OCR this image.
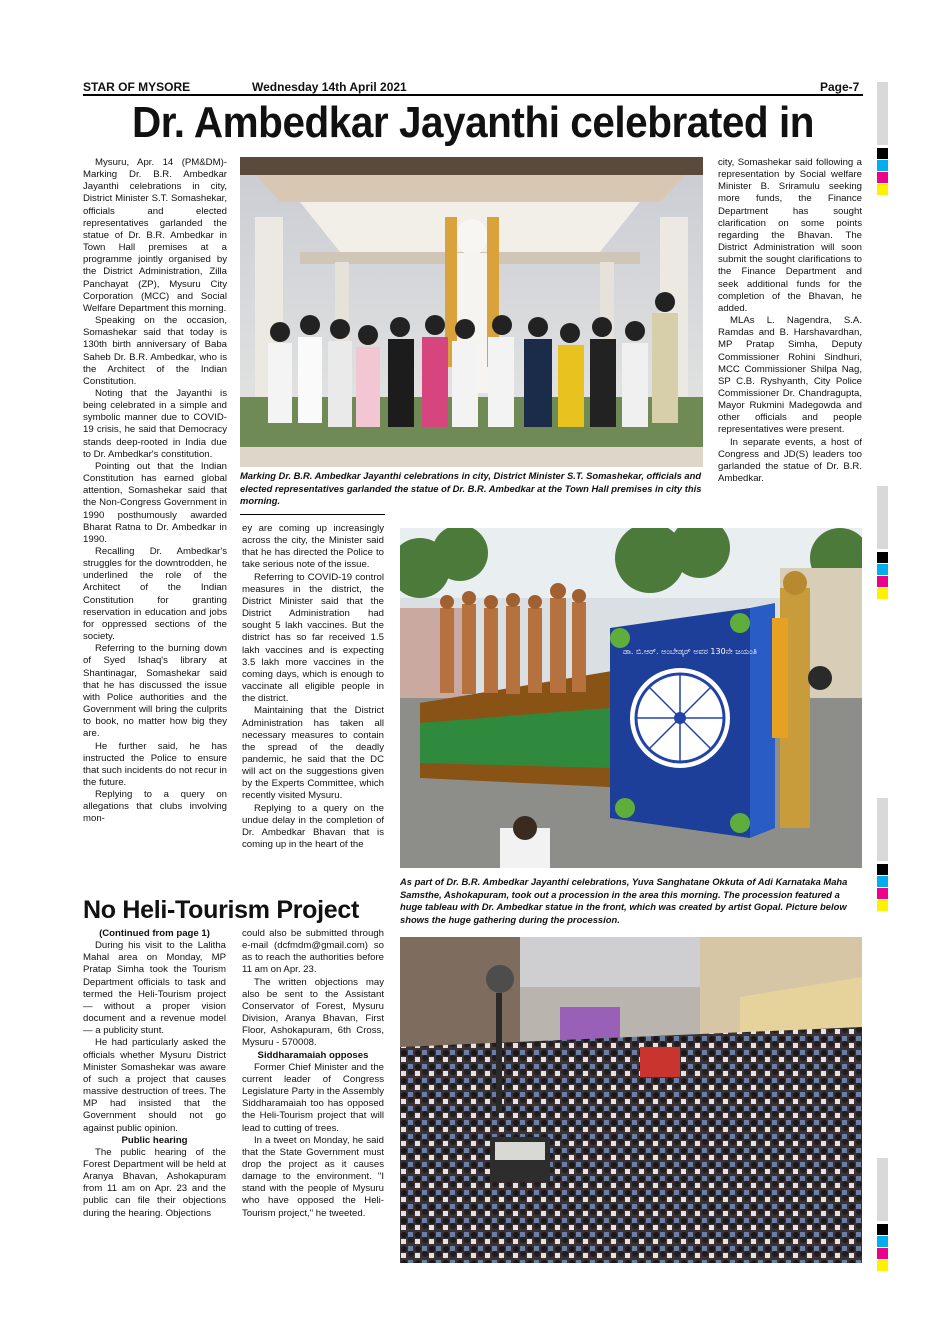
STAR OF MYSORE	Wednesday 14th April 2021	Page-7
Dr. Ambedkar Jayanthi celebrated in

Mysuru, Apr. 14 (PM&DM)- Marking Dr. B.R. Ambedkar Jayanthi celebrations in city, District Minister S.T. Somashekar, officials and elected representatives garlanded the statue of Dr. B.R. Ambedkar in Town Hall premises at a programme jointly organised by the District Administration, Zilla Panchayat (ZP), Mysuru City Corporation (MCC) and Social Welfare Department this morning.

Speaking on the occasion, Somashekar said that today is 130th birth anniversary of Baba Saheb Dr. B.R. Ambedkar, who is the Architect of the Indian Constitution.

Noting that the Jayanthi is being celebrated in a simple and symbolic manner due to COVID-19 crisis, he said that Democracy stands deep-rooted in India due to Dr. Ambedkar's constitution.

Pointing out that the Indian Constitution has earned global attention, Somashekar said that the Non-Congress Government in 1990 posthumously awarded Bharat Ratna to Dr. Ambedkar in 1990.

Recalling Dr. Ambedkar's struggles for the downtrodden, he underlined the role of the Architect of the Indian Constitution for granting reservation in education and jobs for oppressed sections of the society.

Referring to the burning down of Syed Ishaq's library at Shantinagar, Somashekar said that he has discussed the issue with Police authorities and the Government will bring the culprits to book, no matter how big they are.

He further said, he has instructed the Police to ensure that such incidents do not recur in the future.

Replying to a query on allegations that clubs involving mon-

ey are coming up increasingly across the city, the Minister said that he has directed the Police to take serious note of the issue.

Referring to COVID-19 control measures in the district, the District Minister said that the District Administration had sought 5 lakh vaccines. But the district has so far received 1.5 lakh vaccines and is expecting 3.5 lakh more vaccines in the coming days, which is enough to vaccinate all eligible people in the district.

Maintaining that the District Administration has taken all necessary measures to contain the spread of the deadly pandemic, he said that the DC will act on the suggestions given by the Experts Committee, which recently visited Mysuru.

Replying to a query on the undue delay in the completion of Dr. Ambedkar Bhavan that is coming up in the heart of the

city, Somashekar said following a representation by Social welfare Minister B. Sriramulu seeking more funds, the Finance Department has sought clarification on some points regarding the Bhavan. The District Administration will soon submit the sought clarifications to the Finance Department and seek additional funds for the completion of the Bhavan, he added.

MLAs L. Nagendra, S.A. Ramdas and B. Harshavardhan, MP Pratap Simha, Deputy Commissioner Rohini Sindhuri, MCC Commissioner Shilpa Nag, SP C.B. Ryshyanth, City Police Commissioner Dr. Chandragupta, Mayor Rukmini Madegowda and other officials and people representatives were present.

In separate events, a host of Congress and JD(S) leaders too garlanded the statue of Dr. B.R. Ambedkar.

Marking Dr. B.R. Ambedkar Jayanthi celebrations in city, District Minister S.T. Somashekar, officials and elected representatives garlanded the statue of Dr. B.R. Ambedkar at the Town Hall premises in city this morning.
ಡಾ. ಬಿ.ಆರ್. ಅಂಬೇಡ್ಕರ್ ಅವರ 130ನೇ ಜಯಂತಿ
As part of Dr. B.R. Ambedkar Jayanthi celebrations, Yuva Sanghatane Okkuta of Adi Karnataka Maha Samsthe, Ashokapuram, took out a procession in the area this morning. The procession featured a huge tableau with Dr. Ambedkar statue in the front, which was created by artist Gopal. Picture below shows the huge gathering during the procession.
No Heli-Tourism Project

(Continued from page 1)

During his visit to the Lalitha Mahal area on Monday, MP Pratap Simha took the Tourism Department officials to task and termed the Heli-Tourism project — without a proper vision document and a revenue model — a publicity stunt.

He had particularly asked the officials whether Mysuru District Minister Somashekar was aware of such a project that causes massive destruction of trees. The MP had insisted that the Government should not go against public opinion.

Public hearing

The public hearing of the Forest Department will be held at Aranya Bhavan, Ashokapuram from 11 am on Apr. 23 and the public can file their objections during the hearing. Objections

could also be submitted through e-mail (dcfmdm@gmail.com) so as to reach the authorities before 11 am on Apr. 23.

The written objections may also be sent to the Assistant Conservator of Forest, Mysuru Division, Aranya Bhavan, First Floor, Ashokapuram, 6th Cross, Mysuru - 570008.

Siddharamaiah opposes

Former Chief Minister and the current leader of Congress Legislature Party in the Assembly Siddharamaiah too has opposed the Heli-Tourism project that will lead to cutting of trees.

In a tweet on Monday, he said that the State Government must drop the project as it causes damage to the environment. "I stand with the people of Mysuru who have opposed the Heli-Tourism project," he tweeted.
